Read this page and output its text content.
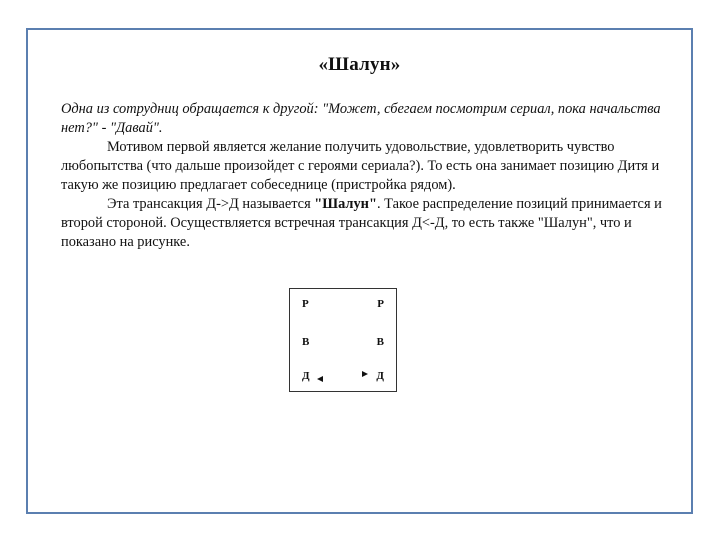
«Шалун»

Одна из сотрудниц обращается к другой: "Может, сбегаем посмотрим сериал, пока начальства нет?" - "Давай".

Мотивом первой является желание получить удовольствие, удовлетворить чувство любопытства (что дальше произойдет с героями сериала?). То есть она занимает позицию Дитя и такую же позицию предлагает собеседнице (пристройка рядом).

Эта трансакция Д->Д называется "Шалун". Такое распределение позиций принимается и второй стороной. Осуществляется встречная трансакция Д<-Д, то есть также "Шалун", что и показано на рисунке.

Р	Р
В	В
Д	Д
